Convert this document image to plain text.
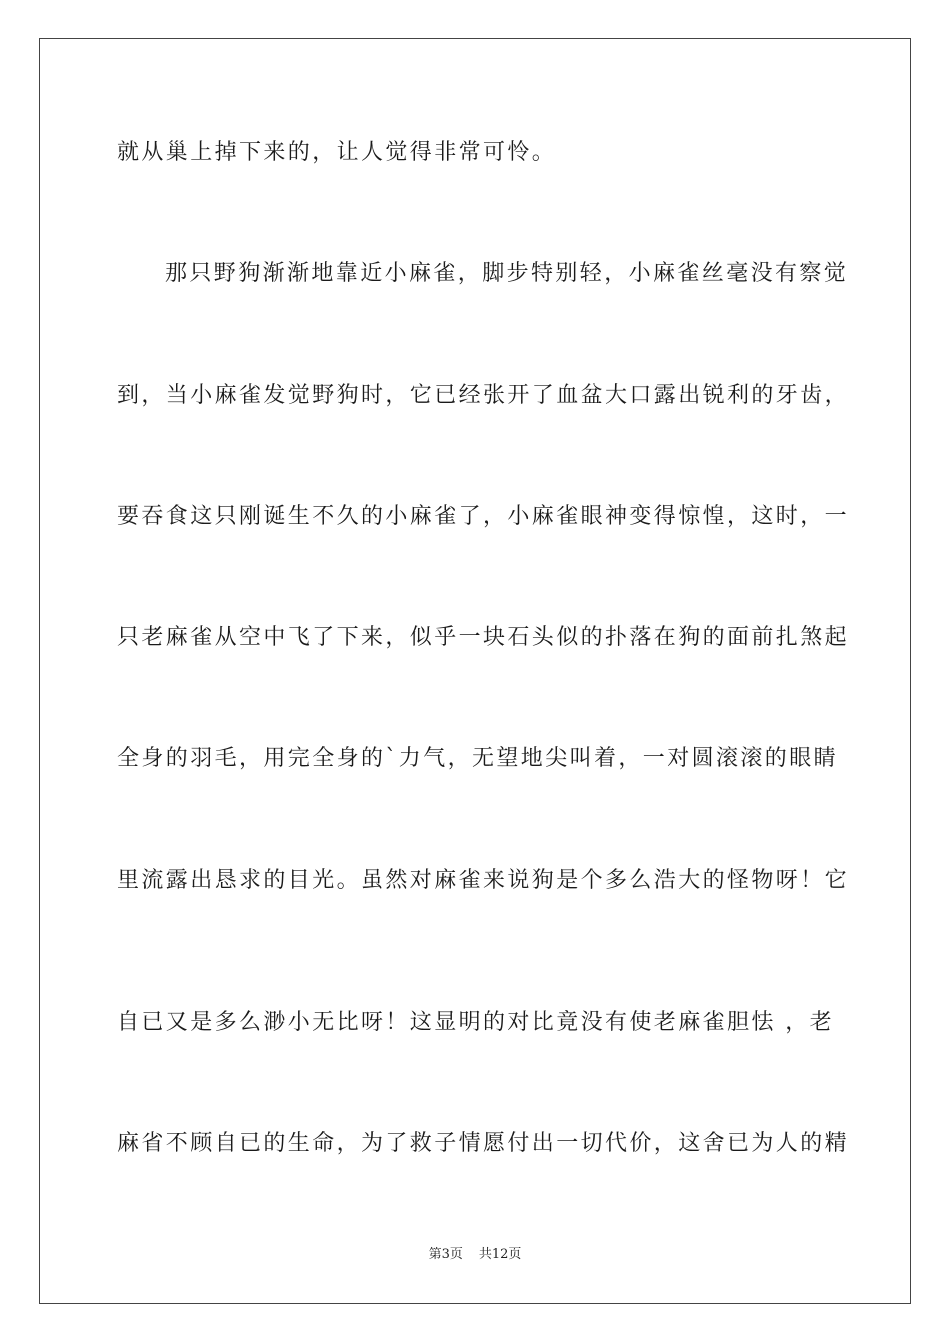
就从巢上掉下来的，让人觉得非常可怜。
那只野狗渐渐地靠近小麻雀，脚步特别轻，小麻雀丝毫没有察觉
到，当小麻雀发觉野狗时，它已经张开了血盆大口露出锐利的牙齿，
要吞食这只刚诞生不久的小麻雀了，小麻雀眼神变得惊惶，这时，一
只老麻雀从空中飞了下来，似乎一块石头似的扑落在狗的面前扎煞起
全身的羽毛，用完全身的`力气，无望地尖叫着，一对圆滚滚的眼睛
里流露出恳求的目光。虽然对麻雀来说狗是个多么浩大的怪物呀！它
自已又是多么渺小无比呀！这显明的对比竟没有使老麻雀胆怯 ，老
麻省不顾自已的生命，为了救子情愿付出一切代价，这舍已为人的精
第3页 共12页
